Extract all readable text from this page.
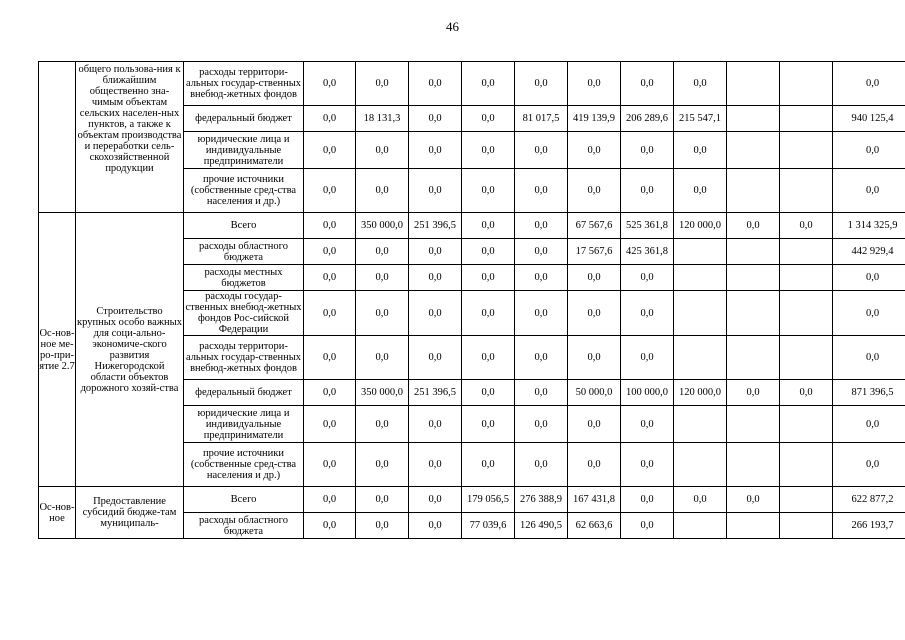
46
	общего пользова-ния к ближайшим общественно зна-чимым объектам сельских населен-ных пунктов, а также к объектам производства и переработки сель-скохозяйственной продукции	расходы территори-альных государ-ственных внебюд-жетных фондов	0,0	0,0	0,0	0,0	0,0	0,0	0,0	0,0			0,0
		федеральный бюджет	0,0	18 131,3	0,0	0,0	81 017,5	419 139,9	206 289,6	215 547,1			940 125,4
		юридические лица и индивидуальные предприниматели	0,0	0,0	0,0	0,0	0,0	0,0	0,0	0,0			0,0
		прочие источники (собственные сред-ства населения и др.)	0,0	0,0	0,0	0,0	0,0	0,0	0,0	0,0			0,0
Ос-нов-ное ме-ро-при-ятие 2.7	Строительство крупных особо важных для соци-ально-экономиче-ского развития Нижегородской области объектов дорожного хозяй-ства	Всего	0,0	350 000,0	251 396,5	0,0	0,0	67 567,6	525 361,8	120 000,0	0,0	0,0	1 314 325,9
		расходы областного бюджета	0,0	0,0	0,0	0,0	0,0	17 567,6	425 361,8				442 929,4
		расходы местных бюджетов	0,0	0,0	0,0	0,0	0,0	0,0	0,0				0,0
		расходы государ-ственных внебюд-жетных фондов Рос-сийской Федерации	0,0	0,0	0,0	0,0	0,0	0,0	0,0				0,0
		расходы территори-альных государ-ственных внебюд-жетных фондов	0,0	0,0	0,0	0,0	0,0	0,0	0,0				0,0
		федеральный бюджет	0,0	350 000,0	251 396,5	0,0	0,0	50 000,0	100 000,0	120 000,0	0,0	0,0	871 396,5
		юридические лица и индивидуальные предприниматели	0,0	0,0	0,0	0,0	0,0	0,0	0,0				0,0
		прочие источники (собственные сред-ства населения и др.)	0,0	0,0	0,0	0,0	0,0	0,0	0,0				0,0
Ос-нов-ное	Предоставление субсидий бюдже-там муниципаль-	Всего	0,0	0,0	0,0	179 056,5	276 388,9	167 431,8	0,0	0,0	0,0		622 877,2
		расходы областного бюджета	0,0	0,0	0,0	77 039,6	126 490,5	62 663,6	0,0				266 193,7
